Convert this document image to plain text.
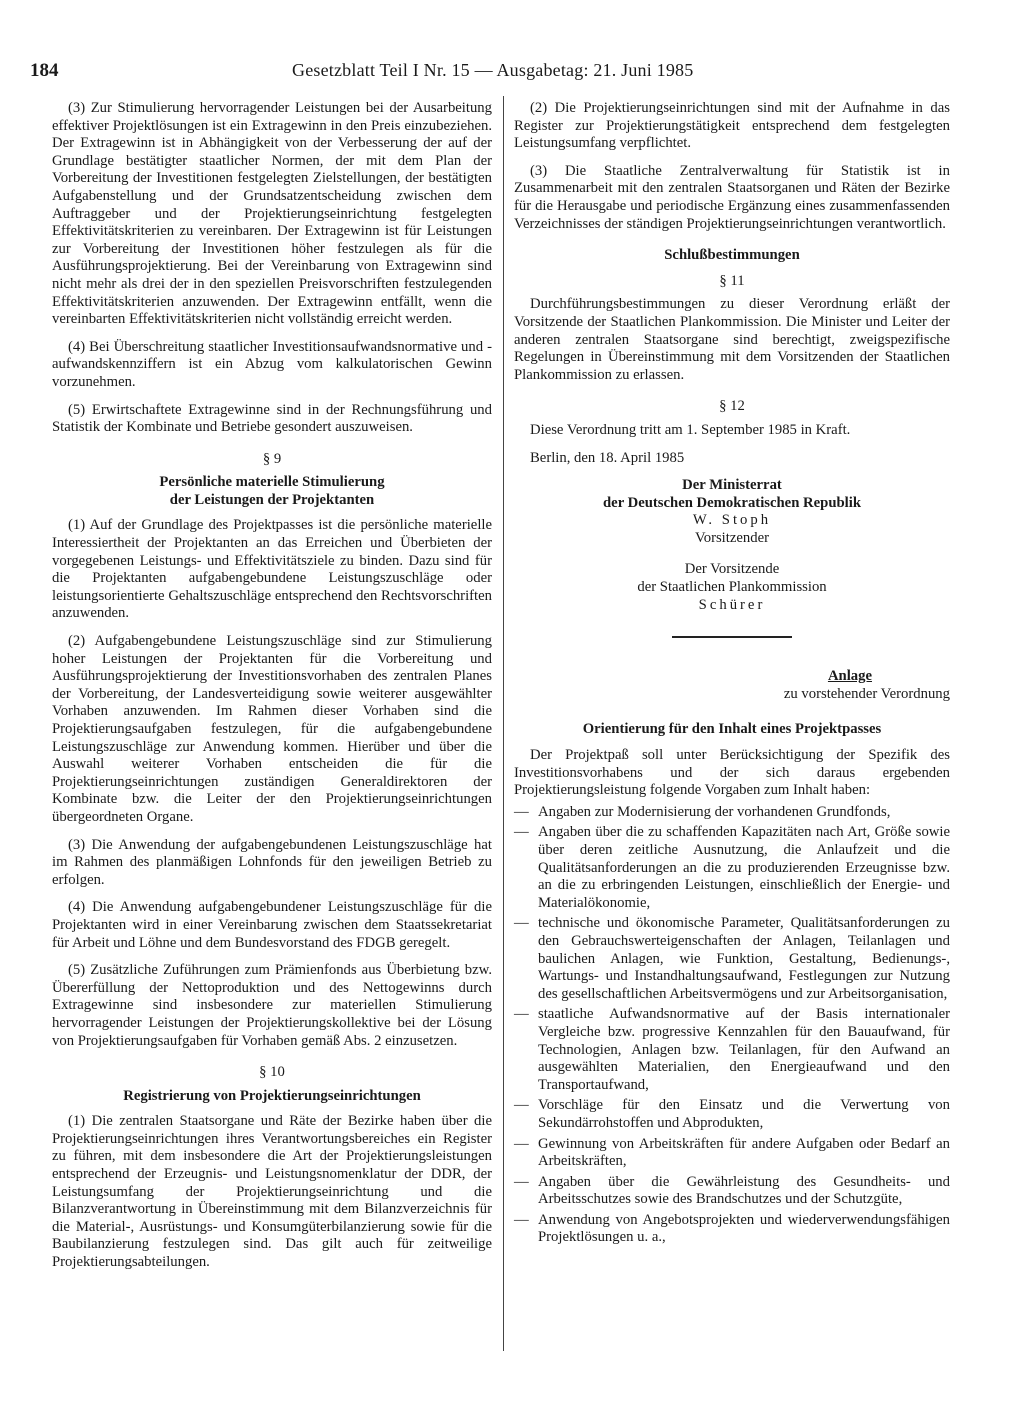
184	Gesetzblatt Teil I Nr. 15 — Ausgabetag: 21. Juni 1985

(3) Zur Stimulierung hervorragender Leistungen bei der Ausarbeitung effektiver Projektlösungen ist ein Extragewinn in den Preis einzubeziehen. Der Extragewinn ist in Abhängigkeit von der Verbesserung der auf der Grundlage bestätigter staatlicher Normen, der mit dem Plan der Vorbereitung der Investitionen festgelegten Zielstellungen, der bestätigten Aufgabenstellung und der Grundsatzentscheidung zwischen dem Auftraggeber und der Projektierungseinrichtung festgelegten Effektivitätskriterien zu vereinbaren. Der Extragewinn ist für Leistungen zur Vorbereitung der Investitionen höher festzulegen als für die Ausführungsprojektierung. Bei der Vereinbarung von Extragewinn sind nicht mehr als drei der in den speziellen Preisvorschriften festzulegenden Effektivitätskriterien anzuwenden. Der Extragewinn entfällt, wenn die vereinbarten Effektivitätskriterien nicht vollständig erreicht werden.

(4) Bei Überschreitung staatlicher Investitionsaufwandsnormative und -aufwandskennziffern ist ein Abzug vom kalkulatorischen Gewinn vorzunehmen.

(5) Erwirtschaftete Extragewinne sind in der Rechnungsführung und Statistik der Kombinate und Betriebe gesondert auszuweisen.

§ 9

Persönliche materielle Stimulierung
der Leistungen der Projektanten

(1) Auf der Grundlage des Projektpasses ist die persönliche materielle Interessiertheit der Projektanten an das Erreichen und Überbieten der vorgegebenen Leistungs- und Effektivitätsziele zu binden. Dazu sind für die Projektanten aufgabengebundene Leistungszuschläge oder leistungsorientierte Gehaltszuschläge entsprechend den Rechtsvorschriften anzuwenden.

(2) Aufgabengebundene Leistungszuschläge sind zur Stimulierung hoher Leistungen der Projektanten für die Vorbereitung und Ausführungsprojektierung der Investitionsvorhaben des zentralen Planes der Vorbereitung, der Landesverteidigung sowie weiterer ausgewählter Vorhaben anzuwenden. Im Rahmen dieser Vorhaben sind die Projektierungsaufgaben festzulegen, für die aufgabengebundene Leistungszuschläge zur Anwendung kommen. Hierüber und über die Auswahl weiterer Vorhaben entscheiden die für die Projektierungseinrichtungen zuständigen Generaldirektoren der Kombinate bzw. die Leiter der den Projektierungseinrichtungen übergeordneten Organe.

(3) Die Anwendung der aufgabengebundenen Leistungszuschläge hat im Rahmen des planmäßigen Lohnfonds für den jeweiligen Betrieb zu erfolgen.

(4) Die Anwendung aufgabengebundener Leistungszuschläge für die Projektanten wird in einer Vereinbarung zwischen dem Staatssekretariat für Arbeit und Löhne und dem Bundesvorstand des FDGB geregelt.

(5) Zusätzliche Zuführungen zum Prämienfonds aus Überbietung bzw. Übererfüllung der Nettoproduktion und des Nettogewinns durch Extragewinne sind insbesondere zur materiellen Stimulierung hervorragender Leistungen der Projektierungskollektive bei der Lösung von Projektierungsaufgaben für Vorhaben gemäß Abs. 2 einzusetzen.

§ 10

Registrierung von Projektierungseinrichtungen

(1) Die zentralen Staatsorgane und Räte der Bezirke haben über die Projektierungseinrichtungen ihres Verantwortungsbereiches ein Register zu führen, mit dem insbesondere die Art der Projektierungsleistungen entsprechend der Erzeugnis- und Leistungsnomenklatur der DDR, der Leistungsumfang der Projektierungseinrichtung und die Bilanzverantwortung in Übereinstimmung mit dem Bilanzverzeichnis für die Material-, Ausrüstungs- und Konsumgüterbilanzierung sowie für die Baubilanzierung festzulegen sind. Das gilt auch für zeitweilige Projektierungsabteilungen.

(2) Die Projektierungseinrichtungen sind mit der Aufnahme in das Register zur Projektierungstätigkeit entsprechend dem festgelegten Leistungsumfang verpflichtet.

(3) Die Staatliche Zentralverwaltung für Statistik ist in Zusammenarbeit mit den zentralen Staatsorganen und Räten der Bezirke für die Herausgabe und periodische Ergänzung eines zusammenfassenden Verzeichnisses der ständigen Projektierungseinrichtungen verantwortlich.

Schlußbestimmungen

§ 11

Durchführungsbestimmungen zu dieser Verordnung erläßt der Vorsitzende der Staatlichen Plankommission. Die Minister und Leiter der anderen zentralen Staatsorgane sind berechtigt, zweigspezifische Regelungen in Übereinstimmung mit dem Vorsitzenden der Staatlichen Plankommission zu erlassen.

§ 12

Diese Verordnung tritt am 1. September 1985 in Kraft.

Berlin, den 18. April 1985

Der Ministerrat

der Deutschen Demokratischen Republik

W. Stoph

Vorsitzender

Der Vorsitzende

der Staatlichen Plankommission

Schürer

Anlage

zu vorstehender Verordnung

Orientierung für den Inhalt eines Projektpasses

Der Projektpaß soll unter Berücksichtigung der Spezifik des Investitionsvorhabens und der sich daraus ergebenden Projektierungsleistung folgende Vorgaben zum Inhalt haben:

— Angaben zur Modernisierung der vorhandenen Grundfonds,
— Angaben über die zu schaffenden Kapazitäten nach Art, Größe sowie über deren zeitliche Ausnutzung, die Anlaufzeit und die Qualitätsanforderungen an die zu produzierenden Erzeugnisse bzw. an die zu erbringenden Leistungen, einschließlich der Energie- und Materialökonomie,
— technische und ökonomische Parameter, Qualitätsanforderungen zu den Gebrauchswerteigenschaften der Anlagen, Teilanlagen und baulichen Anlagen, wie Funktion, Gestaltung, Bedienungs-, Wartungs- und Instandhaltungsaufwand, Festlegungen zur Nutzung des gesellschaftlichen Arbeitsvermögens und zur Arbeitsorganisation,
— staatliche Aufwandsnormative auf der Basis internationaler Vergleiche bzw. progressive Kennzahlen für den Bauaufwand, für Technologien, Anlagen bzw. Teilanlagen, für den Aufwand an ausgewählten Materialien, den Energieaufwand und den Transportaufwand,
— Vorschläge für den Einsatz und die Verwertung von Sekundärrohstoffen und Abprodukten,
— Gewinnung von Arbeitskräften für andere Aufgaben oder Bedarf an Arbeitskräften,
— Angaben über die Gewährleistung des Gesundheits- und Arbeitsschutzes sowie des Brandschutzes und der Schutzgüte,
— Anwendung von Angebotsprojekten und wiederverwendungsfähigen Projektlösungen u. a.,
